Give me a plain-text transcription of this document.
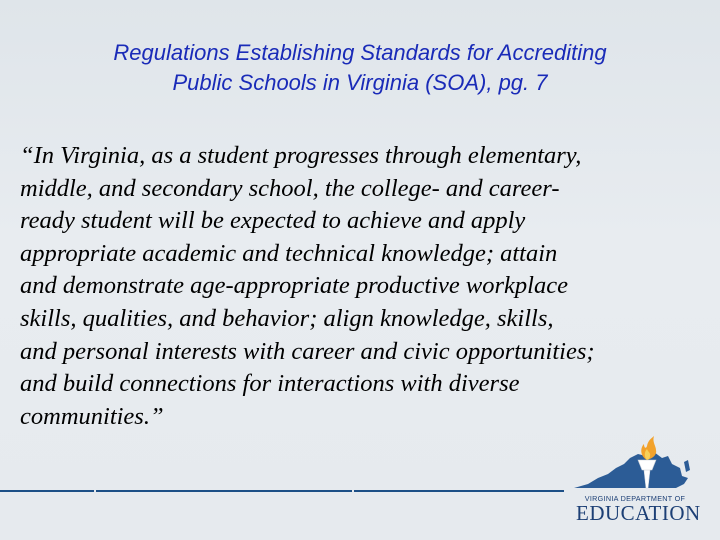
Regulations Establishing Standards for Accrediting
Public Schools in Virginia (SOA), pg. 7
“In Virginia, as a student progresses through elementary,
middle, and secondary school, the college- and career-
ready student will be expected to achieve and apply
appropriate academic and technical knowledge; attain
and demonstrate age-appropriate productive workplace
skills, qualities, and behavior; align knowledge, skills,
and personal interests with career and civic opportunities;
and build connections for interactions with diverse
communities.”
VIRGINIA DEPARTMENT OF
EDUCATION
